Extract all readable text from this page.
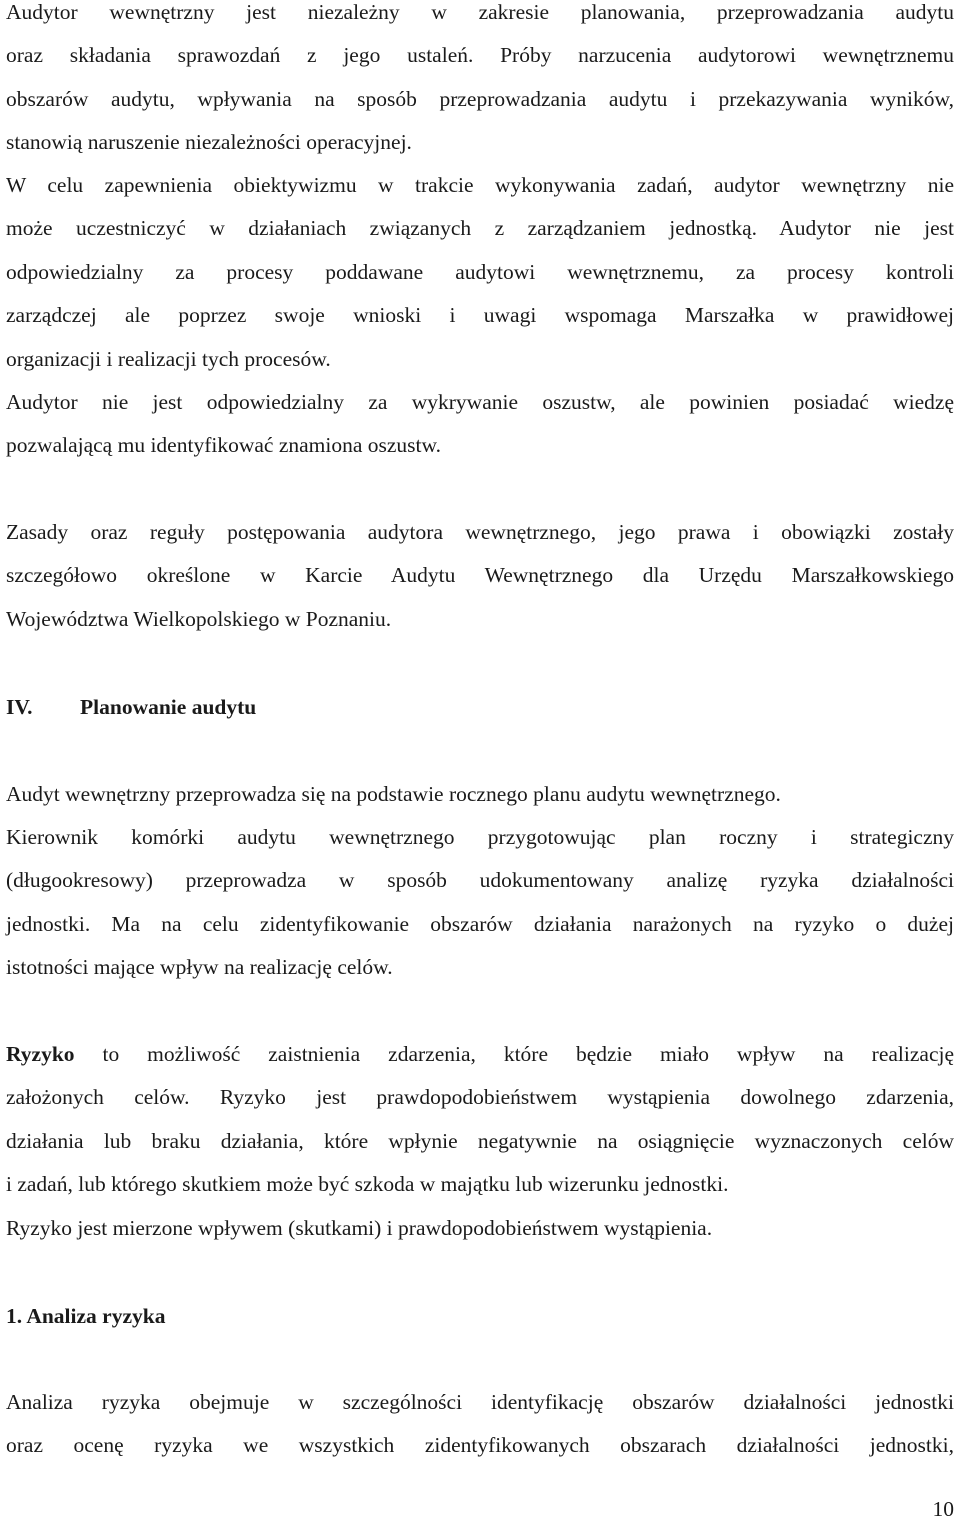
Audytor wewnętrzny jest niezależny w zakresie planowania, przeprowadzania audytu
oraz składania sprawozdań z jego ustaleń. Próby narzucenia audytorowi wewnętrznemu
obszarów audytu, wpływania na sposób przeprowadzania audytu i przekazywania wyników,
stanowią naruszenie niezależności operacyjnej.
W celu zapewnienia obiektywizmu w trakcie wykonywania zadań, audytor wewnętrzny nie
może uczestniczyć w działaniach związanych z zarządzaniem jednostką. Audytor nie jest
odpowiedzialny za procesy poddawane audytowi wewnętrznemu, za procesy kontroli
zarządczej ale poprzez swoje wnioski i uwagi wspomaga Marszałka w prawidłowej
organizacji i realizacji tych procesów.
Audytor nie jest odpowiedzialny za wykrywanie oszustw, ale powinien posiadać wiedzę
pozwalającą mu identyfikować znamiona oszustw.
Zasady oraz reguły postępowania audytora wewnętrznego, jego prawa i obowiązki zostały
szczegółowo określone w Karcie Audytu Wewnętrznego dla Urzędu Marszałkowskiego
Województwa Wielkopolskiego w Poznaniu.
IV. Planowanie audytu
Audyt wewnętrzny przeprowadza się na podstawie rocznego planu audytu wewnętrznego.
Kierownik komórki audytu wewnętrznego przygotowując plan roczny i strategiczny
(długookresowy) przeprowadza w sposób udokumentowany analizę ryzyka działalności
jednostki. Ma na celu zidentyfikowanie obszarów działania narażonych na ryzyko o dużej
istotności mające wpływ na realizację celów.
Ryzyko to możliwość zaistnienia zdarzenia, które będzie miało wpływ na realizację
założonych celów. Ryzyko jest prawdopodobieństwem wystąpienia dowolnego zdarzenia,
działania lub braku działania, które wpłynie negatywnie na osiągnięcie wyznaczonych celów
i zadań, lub którego skutkiem może być szkoda w majątku lub wizerunku jednostki.
Ryzyko jest mierzone wpływem (skutkami) i prawdopodobieństwem wystąpienia.
1. Analiza ryzyka
Analiza ryzyka obejmuje w szczególności identyfikację obszarów działalności jednostki
oraz ocenę ryzyka we wszystkich zidentyfikowanych obszarach działalności jednostki,
10
